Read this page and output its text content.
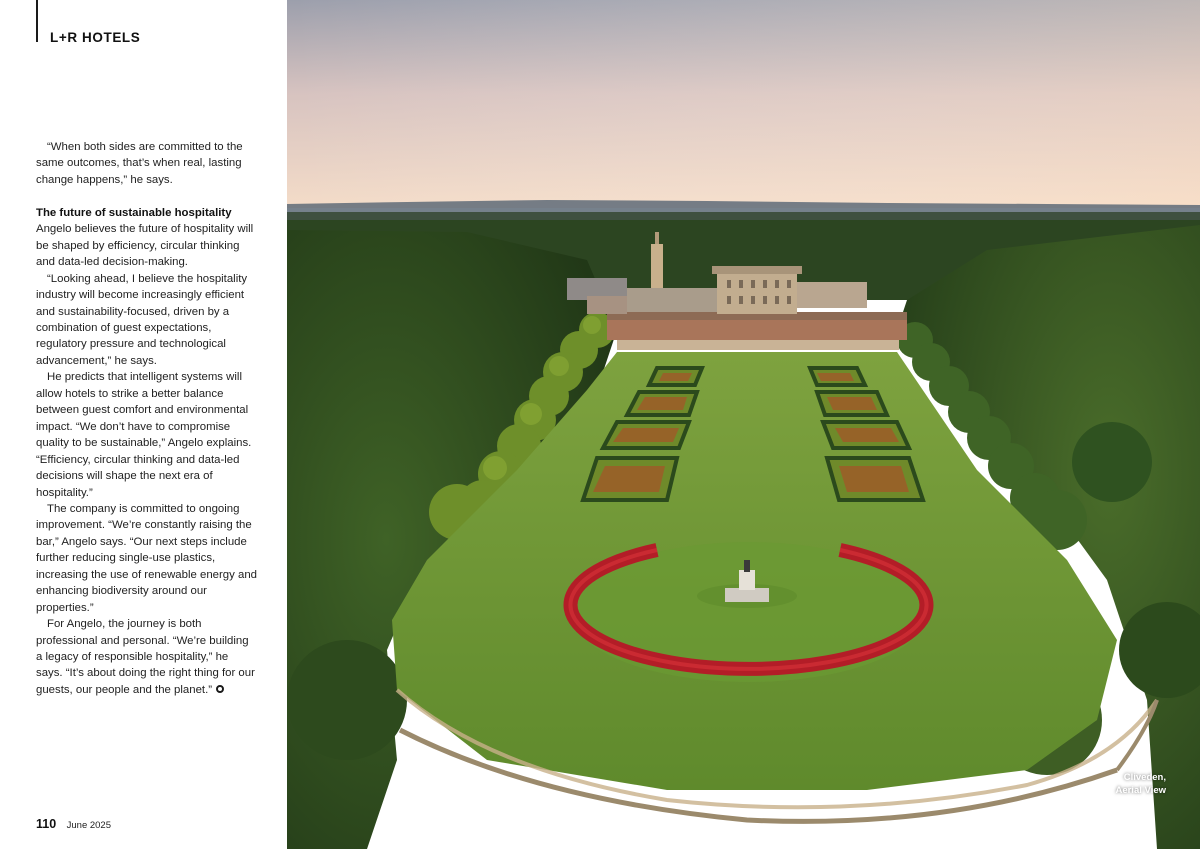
L+R HOTELS

“When both sides are committed to the same outcomes, that’s when real, lasting change happens,” he says.

The future of sustainable hospitality

Angelo believes the future of hospitality will be shaped by efficiency, circular thinking and data-led decision-making.

“Looking ahead, I believe the hospitality industry will become increasingly efficient and sustainability-focused, driven by a combination of guest expectations, regulatory pressure and technological advancement,” he says.

He predicts that intelligent systems will allow hotels to strike a better balance between guest comfort and environmental impact. “We don’t have to compromise quality to be sustainable,” Angelo explains. “Efficiency, circular thinking and data-led decisions will shape the next era of hospitality.”

The company is committed to ongoing improvement. “We’re constantly raising the bar,” Angelo says. “Our next steps include further reducing single-use plastics, increasing the use of renewable energy and enhancing biodiversity around our properties.”

For Angelo, the journey is both professional and personal. “We’re building a legacy of responsible hospitality,” he says. “It’s about doing the right thing for our guests, our people and the planet.”

110 June 2025
Cliveden,
Aerial View
